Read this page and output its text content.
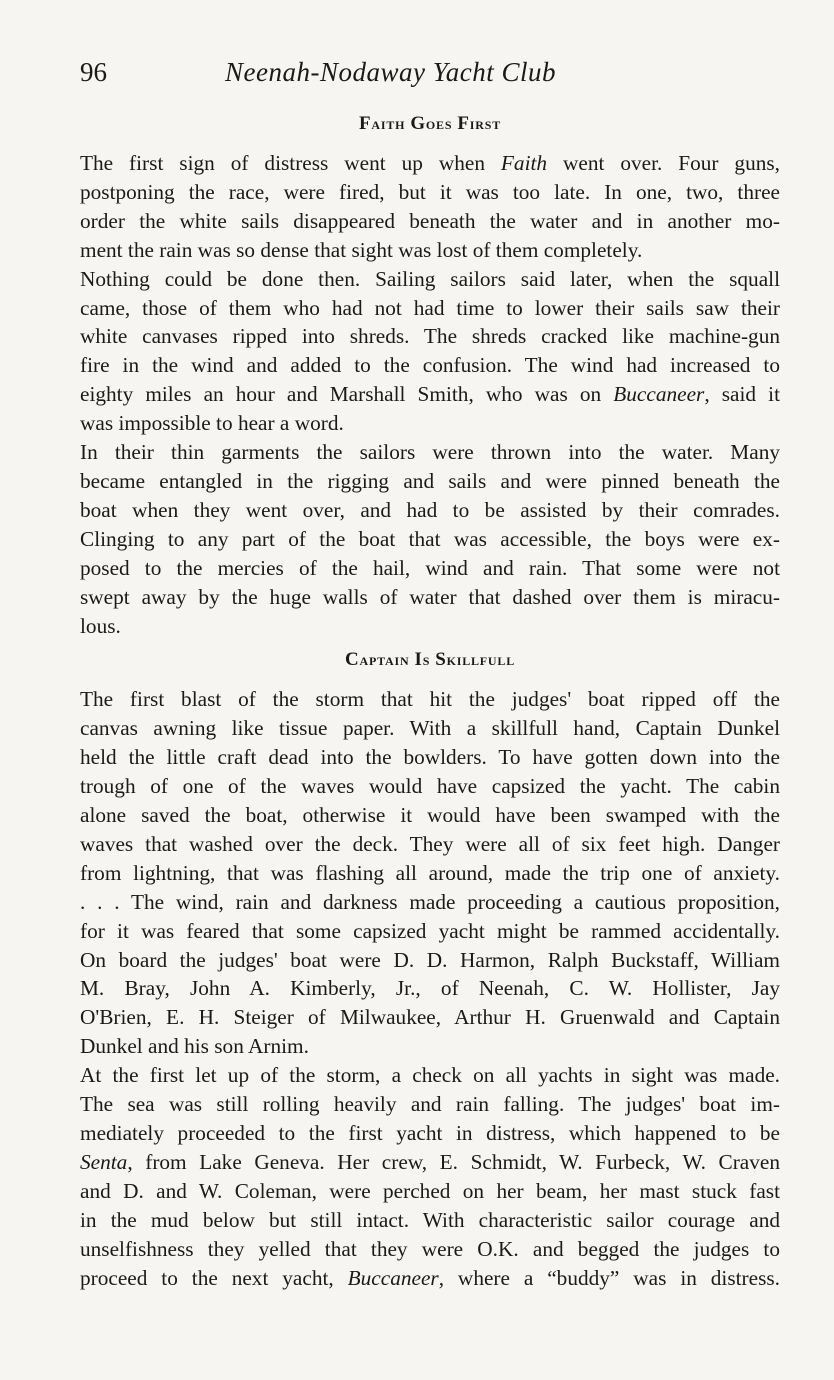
96	Neenah-Nodaway Yacht Club
Faith Goes First
The first sign of distress went up when Faith went over. Four guns,
postponing the race, were fired, but it was too late. In one, two, three
order the white sails disappeared beneath the water and in another mo-
ment the rain was so dense that sight was lost of them completely.
Nothing could be done then. Sailing sailors said later, when the squall
came, those of them who had not had time to lower their sails saw their
white canvases ripped into shreds. The shreds cracked like machine-gun
fire in the wind and added to the confusion. The wind had increased to
eighty miles an hour and Marshall Smith, who was on Buccaneer, said it
was impossible to hear a word.
In their thin garments the sailors were thrown into the water. Many
became entangled in the rigging and sails and were pinned beneath the
boat when they went over, and had to be assisted by their comrades.
Clinging to any part of the boat that was accessible, the boys were ex-
posed to the mercies of the hail, wind and rain. That some were not
swept away by the huge walls of water that dashed over them is miracu-
lous.
Captain Is Skillfull
The first blast of the storm that hit the judges' boat ripped off the
canvas awning like tissue paper. With a skillfull hand, Captain Dunkel
held the little craft dead into the bowlders. To have gotten down into the
trough of one of the waves would have capsized the yacht. The cabin
alone saved the boat, otherwise it would have been swamped with the
waves that washed over the deck. They were all of six feet high. Danger
from lightning, that was flashing all around, made the trip one of anxiety.
. . . The wind, rain and darkness made proceeding a cautious proposition,
for it was feared that some capsized yacht might be rammed accidentally.
On board the judges' boat were D. D. Harmon, Ralph Buckstaff, William
M. Bray, John A. Kimberly, Jr., of Neenah, C. W. Hollister, Jay
O'Brien, E. H. Steiger of Milwaukee, Arthur H. Gruenwald and Captain
Dunkel and his son Arnim.
At the first let up of the storm, a check on all yachts in sight was made.
The sea was still rolling heavily and rain falling. The judges' boat im-
mediately proceeded to the first yacht in distress, which happened to be
Senta, from Lake Geneva. Her crew, E. Schmidt, W. Furbeck, W. Craven
and D. and W. Coleman, were perched on her beam, her mast stuck fast
in the mud below but still intact. With characteristic sailor courage and
unselfishness they yelled that they were O.K. and begged the judges to
proceed to the next yacht, Buccaneer, where a “buddy” was in distress.
